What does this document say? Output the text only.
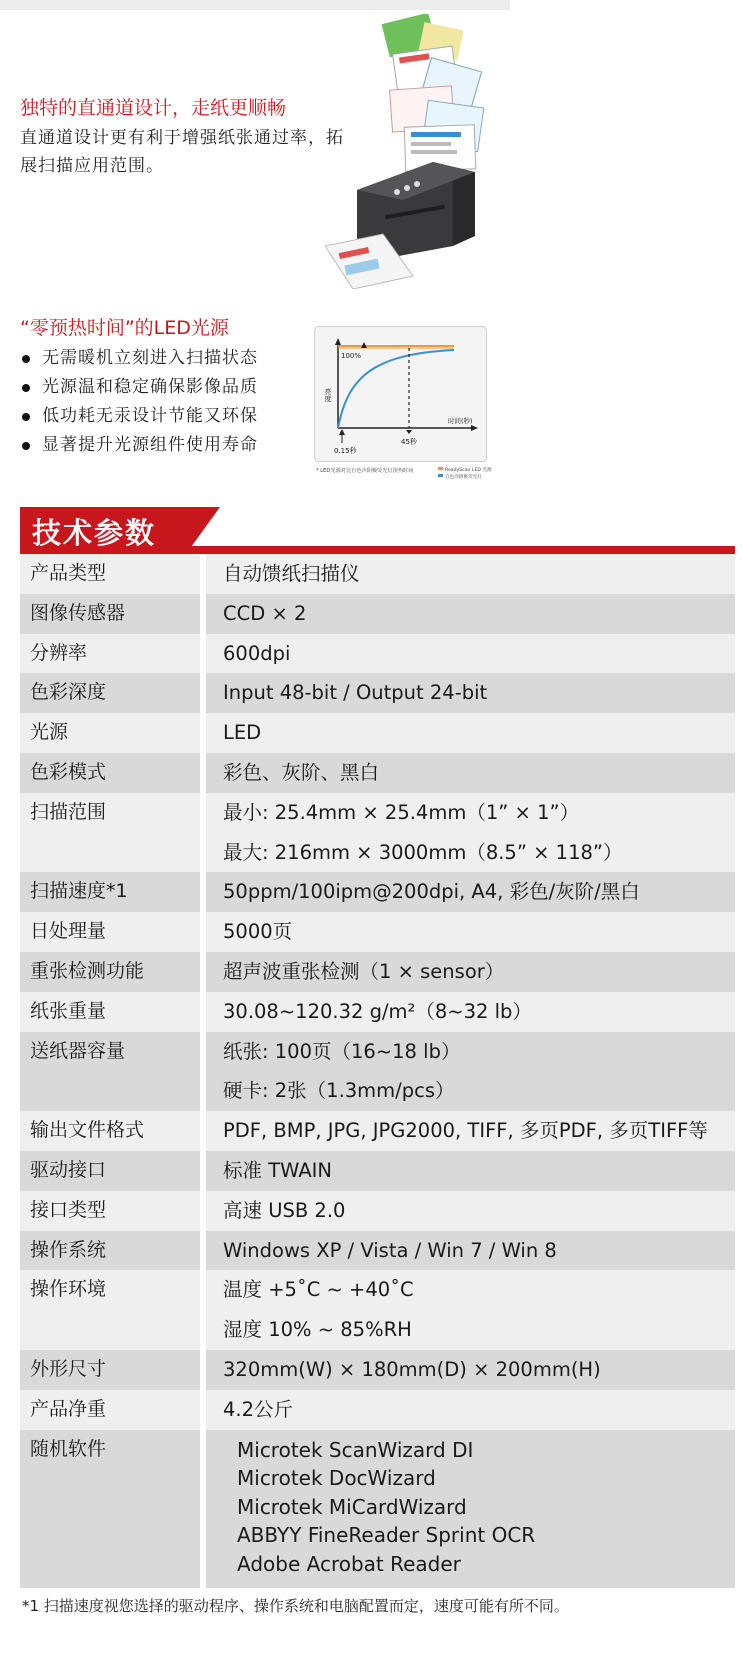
独特的直通道设计，走纸更顺畅
直通道设计更有利于增强纸张通过率，拓展扫描应用范围。
“零预热时间”的LED光源
无需暖机立刻进入扫描状态
光源温和稳定确保影像品质
低功耗无汞设计节能又环保
显著提升光源组件使用寿命
100%
亮度
时间(秒)
0.15秒
45秒
* LED光源对比自色冷阴极荧光灯预热时间	ReadyScan LED 光源
自色冷阴极荧光灯
技术参数
产品类型	自动馈纸扫描仪
图像传感器	CCD × 2
分辨率	600dpi
色彩深度	Input 48-bit / Output 24-bit
光源	LED
色彩模式	彩色、灰阶、黑白
扫描范围	最小: 25.4mm × 25.4mm（1” × 1”）
最大: 216mm × 3000mm（8.5” × 118”）
扫描速度*1	50ppm/100ipm@200dpi, A4, 彩色/灰阶/黑白
日处理量	5000页
重张检测功能	超声波重张检测（1 × sensor）
纸张重量	30.08~120.32 g/m²（8~32 lb）
送纸器容量	纸张: 100页（16~18 lb）
硬卡: 2张（1.3mm/pcs）
输出文件格式	PDF, BMP, JPG, JPG2000, TIFF, 多页PDF, 多页TIFF等
驱动接口	标准 TWAIN
接口类型	高速 USB 2.0
操作系统	Windows XP / Vista / Win 7 / Win 8
操作环境	温度 +5˚C ~ +40˚C
湿度 10% ~ 85%RH
外形尺寸	320mm(W) × 180mm(D) × 200mm(H)
产品净重	4.2公斤
随机软件	Microtek ScanWizard DI
Microtek DocWizard
Microtek MiCardWizard
ABBYY FineReader Sprint OCR
Adobe Acrobat Reader
*1 扫描速度视您选择的驱动程序、操作系统和电脑配置而定，速度可能有所不同。
